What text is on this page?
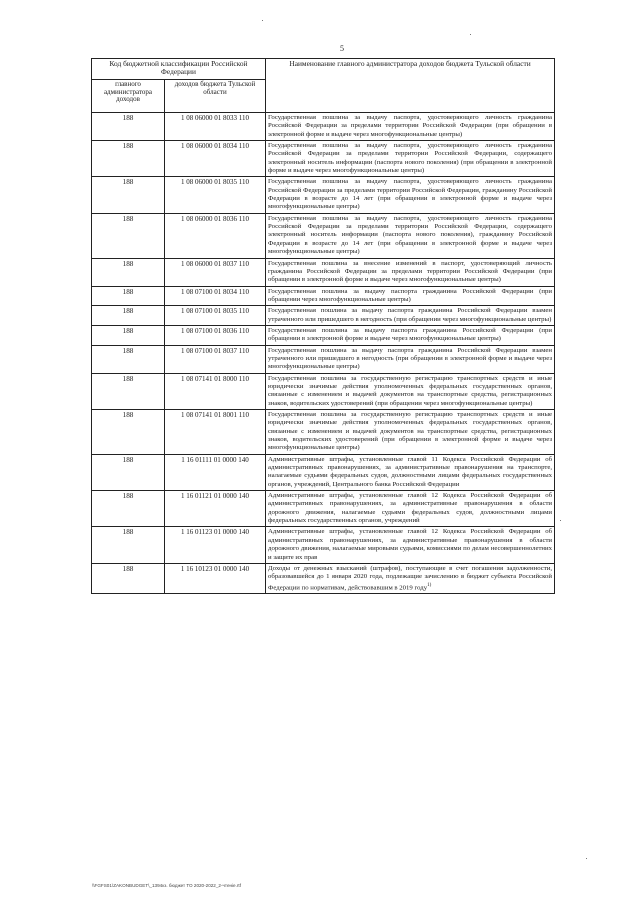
5
Код бюджетной классификации Российской Федерации		Наименование главного администратора доходов бюджета Тульской области
главного администратора доходов	доходов бюджета Тульской области	
188	1 08 06000 01 8033 110	Государственная пошлина за выдачу паспорта, удостоверяющего личность гражданина Российской Федерации за пределами территории Российской Федерации (при обращении в электронной форме и выдаче через многофункциональные центры)
188	1 08 06000 01 8034 110	Государственная пошлина за выдачу паспорта, удостоверяющего личность гражданина Российской Федерации за пределами территории Российской Федерации, содержащего электронный носитель информации (паспорта нового поколения) (при обращении в электронной форме и выдаче через многофункциональные центры)
188	1 08 06000 01 8035 110	Государственная пошлина за выдачу паспорта, удостоверяющего личность гражданина Российской Федерации за пределами территории Российской Федерации, гражданину Российской Федерации в возрасте до 14 лет (при обращении в электронной форме и выдаче через многофункциональные центры)
188	1 08 06000 01 8036 110	Государственная пошлина за выдачу паспорта, удостоверяющего личность гражданина Российской Федерации за пределами территории Российской Федерации, содержащего электронный носитель информации (паспорта нового поколения), гражданину Российской Федерации в возрасте до 14 лет (при обращении в электронной форме и выдаче через многофункциональные центры)
188	1 08 06000 01 8037 110	Государственная пошлина за внесение изменений в паспорт, удостоверяющий личность гражданина Российской Федерации за пределами территории Российской Федерации (при обращении в электронной форме и выдаче через многофункциональные центры)
188	1 08 07100 01 8034 110	Государственная пошлина за выдачу паспорта гражданина Российской Федерации (при обращении через многофункциональные центры)
188	1 08 07100 01 8035 110	Государственная пошлина за выдачу паспорта гражданина Российской Федерации взамен утраченного или пришедшего в негодность (при обращении через многофункциональные центры)
188	1 08 07100 01 8036 110	Государственная пошлина за выдачу паспорта гражданина Российской Федерации (при обращении в электронной форме и выдаче через многофункциональные центры)
188	1 08 07100 01 8037 110	Государственная пошлина за выдачу паспорта гражданина Российской Федерации взамен утраченного или пришедшего в негодность (при обращении в электронной форме и выдаче через многофункциональные центры)
188	1 08 07141 01 8000 110	Государственная пошлина за государственную регистрацию транспортных средств и иные юридически значимые действия уполномоченных федеральных государственных органов, связанные с изменением и выдачей документов на транспортные средства, регистрационных знаков, водительских удостоверений (при обращении через многофункциональные центры)
188	1 08 07141 01 8001 110	Государственная пошлина за государственную регистрацию транспортных средств и иные юридически значимые действия уполномоченных федеральных государственных органов, связанные с изменением и выдачей документов на транспортные средства, регистрационных знаков, водительских удостоверений (при обращении в электронной форме и выдаче через многофункциональные центры)
188	1 16 01111 01 0000 140	Административные штрафы, установленные главой 11 Кодекса Российской Федерации об административных правонарушениях, за административные правонарушения на транспорте, налагаемые судьями федеральных судов, должностными лицами федеральных государственных органов, учреждений, Центрального банка Российской Федерации
188	1 16 01121 01 0000 140	Административные штрафы, установленные главой 12 Кодекса Российской Федерации об административных правонарушениях, за административные правонарушения в области дорожного движения, налагаемые судьями федеральных судов, должностными лицами федеральных государственных органов, учреждений
188	1 16 01123 01 0000 140	Административные штрафы, установленные главой 12 Кодекса Российской Федерации об административных правонарушениях, за административные правонарушения в области дорожного движения, налагаемые мировыми судьями, комиссиями по делам несовершеннолетних и защите их прав
188	1 16 10123 01 0000 140	Доходы от денежных взысканий (штрафов), поступающие в счет погашения задолженности, образовавшейся до 1 января 2020 года, подлежащие зачислению в бюджет субъекта Российской Федерации по нормативам, действовавшим в 2019 году$^{1)}$
\\FGFS01\ZAKONBUDGET\_1394кз. бюджет ТО 2020-2022_2-чтенiе.rtf
